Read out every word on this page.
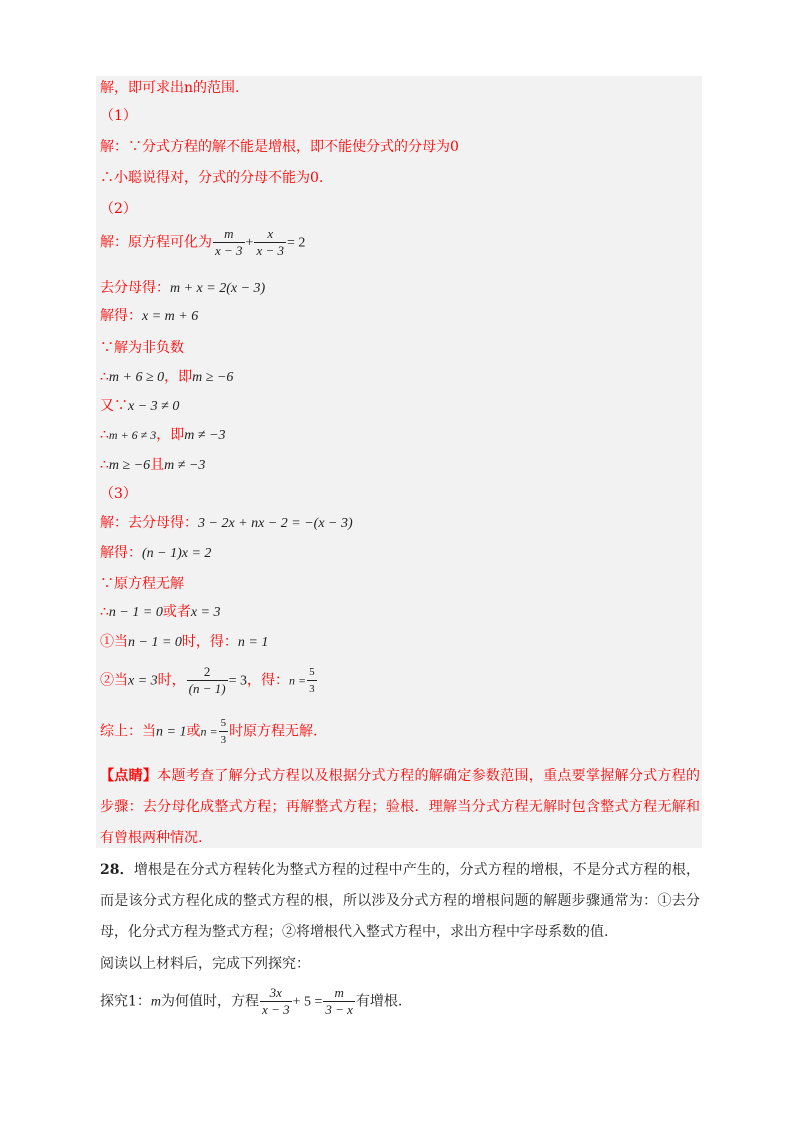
解，即可求出n的范围.
（1）
解：∵分式方程的解不能是增根，即不能使分式的分母为0
∴小聪说得对，分式的分母不能为0.
（2）
解：原方程可化为 $\frac{m}{x - 3} + \frac{x}{x - 3} = 2$
去分母得：m + x = 2(x − 3)
解得：x = m + 6
∵解为非负数
∴m + 6 ≥ 0，即m ≥ −6
又∵x − 3 ≠ 0
∴m + 6 ≠ 3，即m ≠ −3
∴m ≥ −6且m ≠ −3
（3）
解：去分母得：3 − 2x + nx − 2 = −(x − 3)
解得：(n − 1)x = 2
∵原方程无解
∴n − 1 = 0或者x = 3
①当n − 1 = 0时，得：n = 1
②当x = 3时， $\frac{2}{(n - 1)} = 3$，得：$n = \frac{5}{3}$
综上：当n = 1或$n = \frac{5}{3}$ 时原方程无解.
【点睛】本题考查了解分式方程以及根据分式方程的解确定参数范围，重点要掌握解分式方程的步骤：去分母化成整式方程；再解整式方程；验根．理解当分式方程无解时包含整式方程无解和有曾根两种情况.
28．增根是在分式方程转化为整式方程的过程中产生的，分式方程的增根，不是分式方程的根，而是该分式方程化成的整式方程的根，所以涉及分式方程的增根问题的解题步骤通常为：①去分母，化分式方程为整式方程；②将增根代入整式方程中，求出方程中字母系数的值.
阅读以上材料后，完成下列探究：
探究1：m为何值时，方程 $\frac{3x}{x - 3} + 5 = \frac{m}{3 - x}$ 有增根.
